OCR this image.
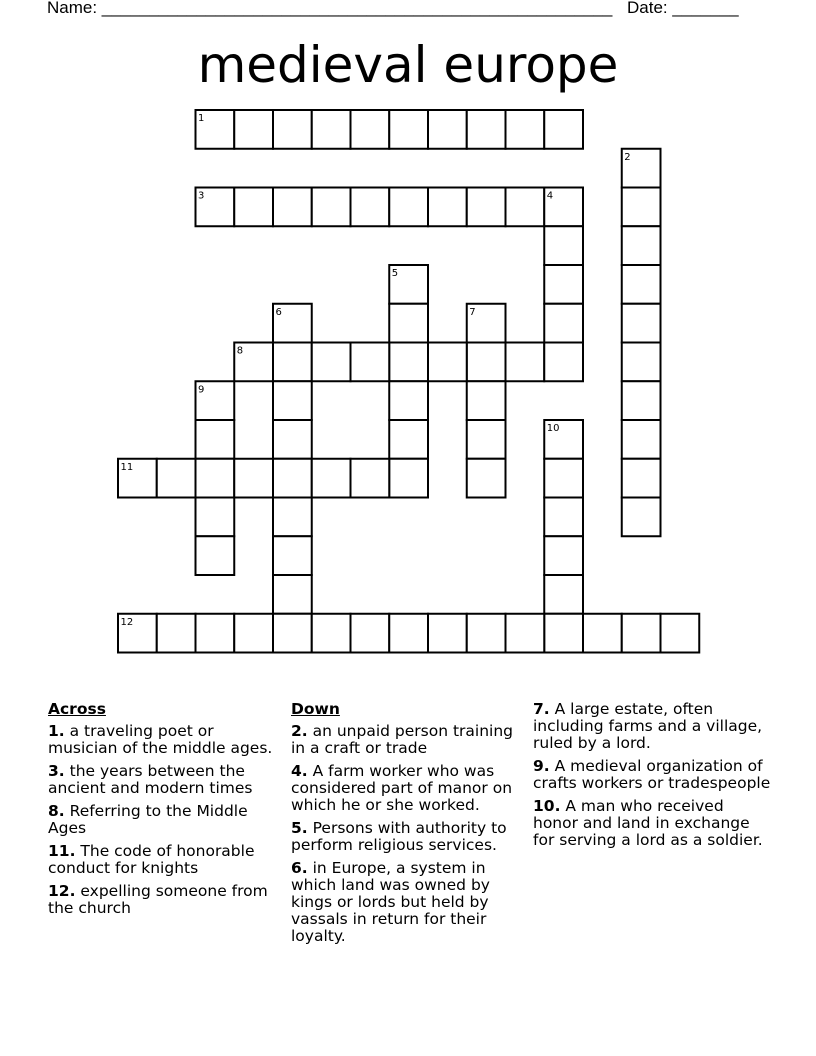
Name: ______________________________________________________ Date: _______
medieval europe
1
2
3	4
5
6	7
8
9
10
11
12
Across
1. a traveling poet or musician of the middle ages.
3. the years between the ancient and modern times
8. Referring to the Middle Ages
11. The code of honorable conduct for knights
12. expelling someone from the church
Down
2. an unpaid person training in a craft or trade
4. A farm worker who was considered part of manor on which he or she worked.
5. Persons with authority to perform religious services.
6. in Europe, a system in which land was owned by kings or lords but held by vassals in return for their loyalty.
7. A large estate, often including farms and a village, ruled by a lord.
9. A medieval organization of crafts workers or tradespeople
10. A man who received honor and land in exchange for serving a lord as a soldier.
